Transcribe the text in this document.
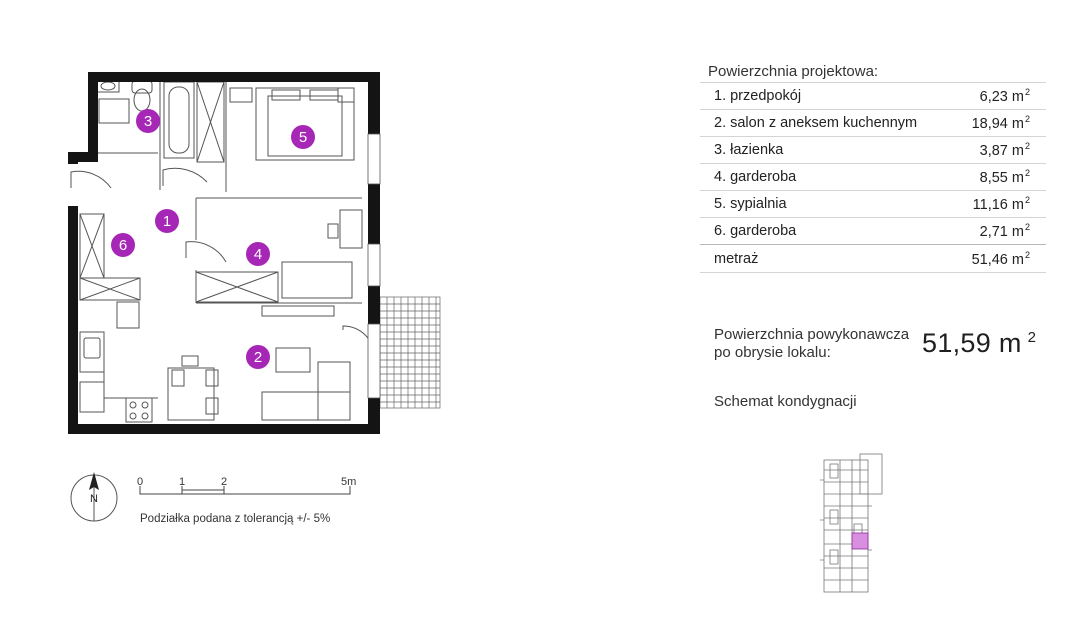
1
2
3
4
5
6
Powierzchnia projektowa:
1. przedpokój	6,23 $m^2$
2. salon z aneksem kuchennym	18,94 $m^2$
3. łazienka	3,87 $m^2$
4. garderoba	8,55 $m^2$
5. sypialnia	11,16 $m^2$
6. garderoba	2,71 $m^2$
metraż	51,46 $m^2$
Powierzchnia powykonawcza
po obrysie lokalu:	51,59 m $^2$
Schemat kondygnacji
N
0	1	2	5m
Podziałka podana z tolerancją +/- 5%
